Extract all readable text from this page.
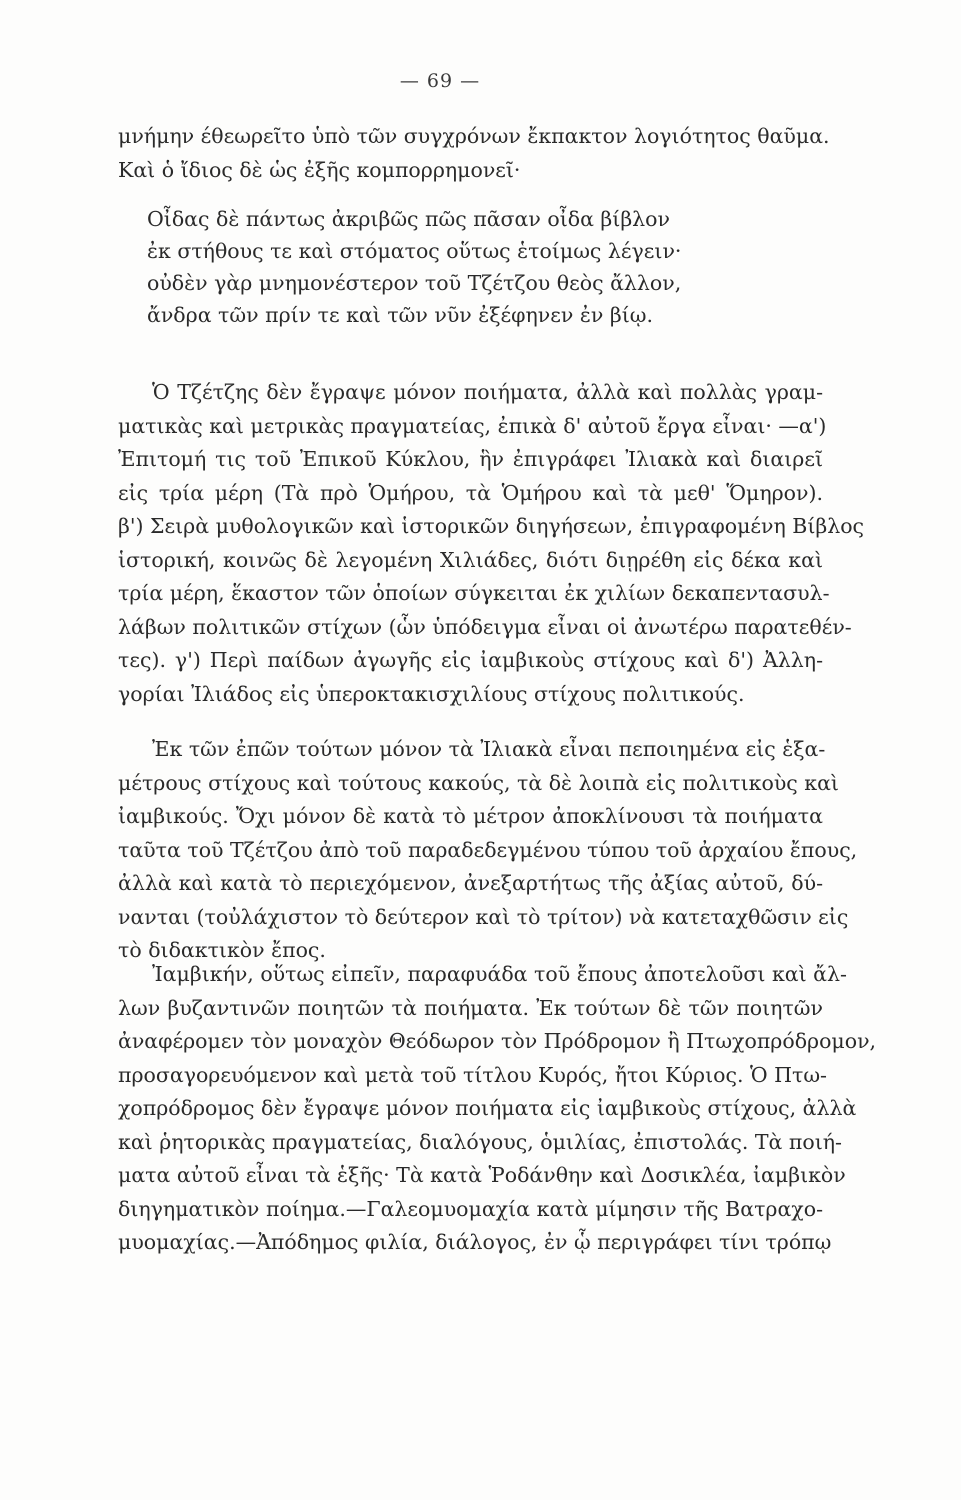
— 69 —
μνήμην έθεωρεῖτο ὑπὸ τῶν συγχρόνων ἔκπακτον λογιότητος θαῦμα.
Καὶ ὁ ἴδιος δὲ ὡς ἐξῆς κομπορρημονεῖ·
Οἶδας δὲ πάντως ἀκριβῶς πῶς πᾶσαν οἶδα βίβλον
ἐκ στήθους τε καὶ στόματος οὕτως ἑτοίμως λέγειν·
οὐδὲν γὰρ μνημονέστερον τοῦ Τζέτζου θεὸς ἄλλον,
ἄνδρα τῶν πρίν τε καὶ τῶν νῦν ἐξέφηνεν ἐν βίῳ.
Ὁ Τζέτζης δὲν ἔγραψε μόνον ποιήματα, ἀλλὰ καὶ πολλὰς γραμ-
ματικὰς καὶ μετρικὰς πραγματείας, ἐπικὰ δ' αὐτοῦ ἔργα εἶναι· —α')
Ἐπιτομή τις τοῦ Ἐπικοῦ Κύκλου, ἣν ἐπιγράφει Ἰλιακὰ καὶ διαιρεῖ
εἰς τρία μέρη (Τὰ πρὸ Ὁμήρου, τὰ Ὁμήρου καὶ τὰ μεθ' Ὅμηρον).
β') Σειρὰ μυθολογικῶν καὶ ἱστορικῶν διηγήσεων, ἐπιγραφομένη Βίβλος
ἱστορική, κοινῶς δὲ λεγομένη Χιλιάδες, διότι διῃρέθη εἰς δέκα καὶ
τρία μέρη, ἕκαστον τῶν ὁποίων σύγκειται ἐκ χιλίων δεκαπεντασυλ-
λάβων πολιτικῶν στίχων (ὧν ὑπόδειγμα εἶναι οἱ ἀνωτέρω παρατεθέν-
τες). γ') Περὶ παίδων ἀγωγῆς εἰς ἰαμβικοὺς στίχους καὶ δ') Ἀλλη-
γορίαι Ἰλιάδος εἰς ὑπεροκτακισχιλίους στίχους πολιτικούς.
Ἐκ τῶν ἐπῶν τούτων μόνον τὰ Ἰλιακὰ εἶναι πεποιημένα εἰς ἑξα-
μέτρους στίχους καὶ τούτους κακούς, τὰ δὲ λοιπὰ εἰς πολιτικοὺς καὶ
ἰαμβικούς. Ὄχι μόνον δὲ κατὰ τὸ μέτρον ἀποκλίνουσι τὰ ποιήματα
ταῦτα τοῦ Τζέτζου ἀπὸ τοῦ παραδεδεγμένου τύπου τοῦ ἀρχαίου ἔπους,
ἀλλὰ καὶ κατὰ τὸ περιεχόμενον, ἀνεξαρτήτως τῆς ἀξίας αὐτοῦ, δύ-
νανται (τοὐλάχιστον τὸ δεύτερον καὶ τὸ τρίτον) νὰ κατεταχθῶσιν εἰς
τὸ διδακτικὸν ἔπος.
Ἰαμβικήν, οὕτως εἰπεῖν, παραφυάδα τοῦ ἔπους ἀποτελοῦσι καὶ ἄλ-
λων βυζαντινῶν ποιητῶν τὰ ποιήματα. Ἐκ τούτων δὲ τῶν ποιητῶν
ἀναφέρομεν τὸν μοναχὸν Θεόδωρον τὸν Πρόδρομον ἢ Πτωχοπρόδρομον,
προσαγορευόμενον καὶ μετὰ τοῦ τίτλου Κυρός, ἤτοι Κύριος. Ὁ Πτω-
χοπρόδρομος δὲν ἔγραψε μόνον ποιήματα εἰς ἰαμβικοὺς στίχους, ἀλλὰ
καὶ ῥητορικὰς πραγματείας, διαλόγους, ὁμιλίας, ἐπιστολάς. Τὰ ποιή-
ματα αὐτοῦ εἶναι τὰ ἑξῆς· Τὰ κατὰ Ῥοδάνθην καὶ Δοσικλέα, ἰαμβικὸν
διηγηματικὸν ποίημα.—Γαλεομυομαχία κατὰ μίμησιν τῆς Βατραχο-
μυομαχίας.—Ἀπόδημος φιλία, διάλογος, ἐν ᾧ περιγράφει τίνι τρόπῳ
